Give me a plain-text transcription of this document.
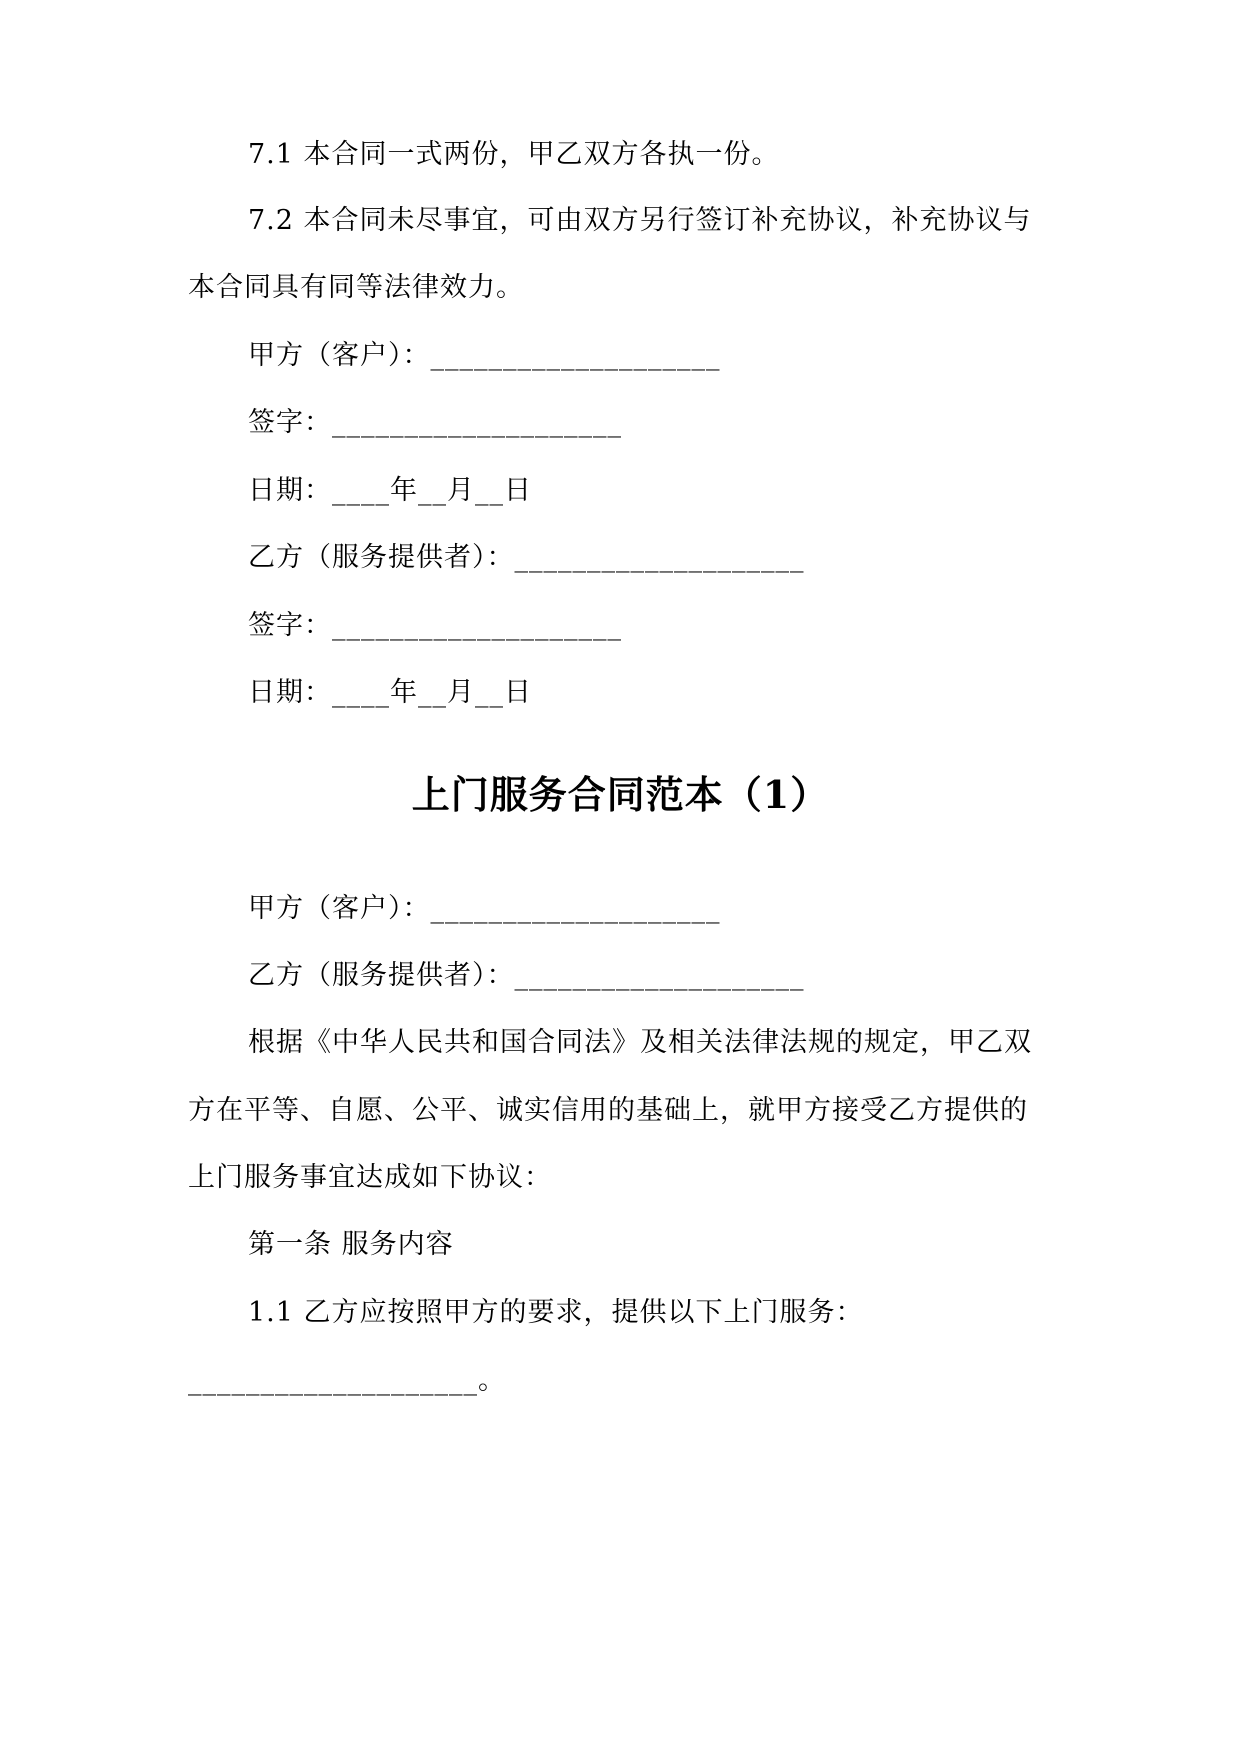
7.1 本合同一式两份，甲乙双方各执一份。
7.2 本合同未尽事宜，可由双方另行签订补充协议，补充协议与
本合同具有同等法律效力。
甲方（客户）：____________________
签字：____________________
日期：____年__月__日
乙方（服务提供者）：____________________
签字：____________________
日期：____年__月__日
上门服务合同范本（1）
甲方（客户）：____________________
乙方（服务提供者）：____________________
根据《中华人民共和国合同法》及相关法律法规的规定，甲乙双
方在平等、自愿、公平、诚实信用的基础上，就甲方接受乙方提供的
上门服务事宜达成如下协议：
第一条 服务内容
1.1 乙方应按照甲方的要求，提供以下上门服务：
____________________。
